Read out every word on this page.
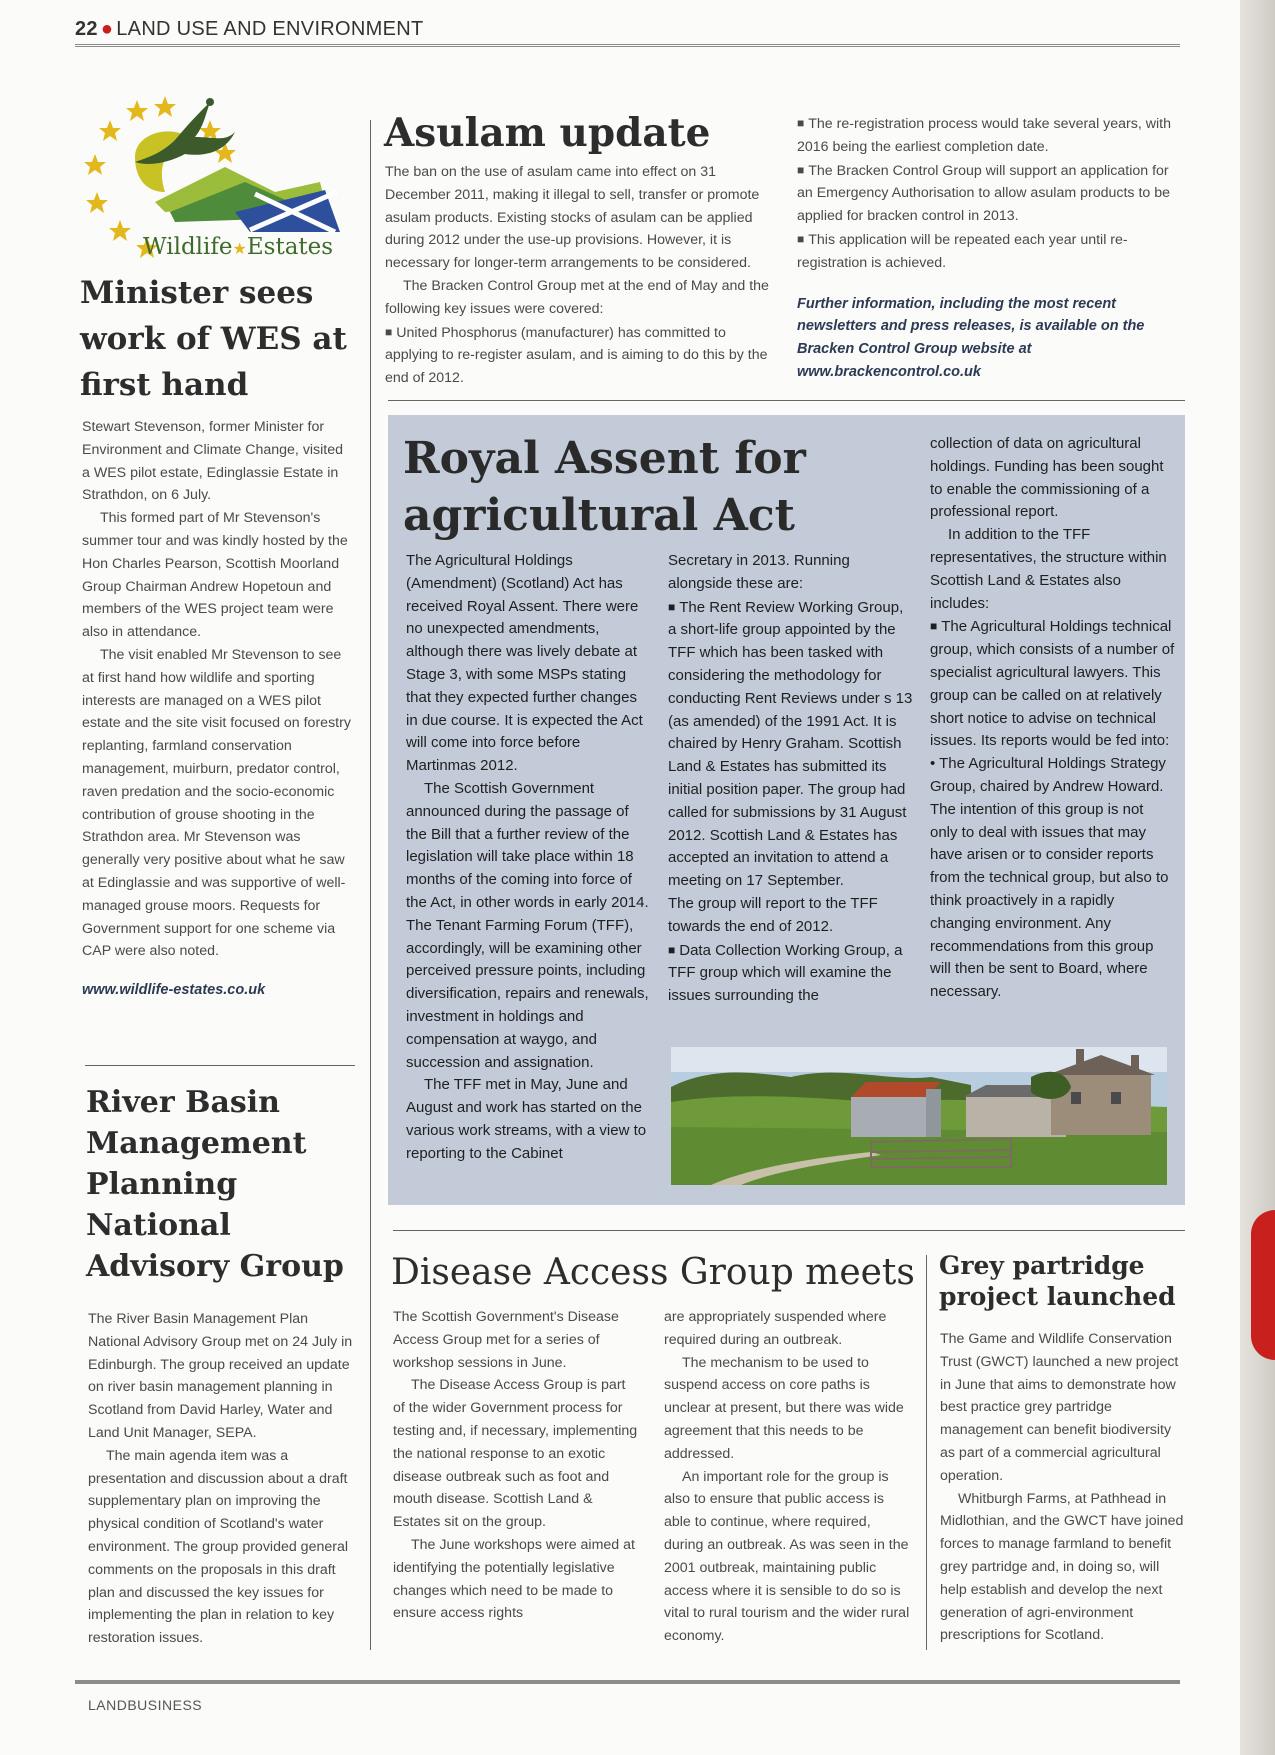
22 ● LAND USE AND ENVIRONMENT
Wildlife★Estates
Minister sees work of WES at first hand

Stewart Stevenson, former Minister for Environment and Climate Change, visited a WES pilot estate, Edinglassie Estate in Strathdon, on 6 July.

This formed part of Mr Stevenson's summer tour and was kindly hosted by the Hon Charles Pearson, Scottish Moorland Group Chairman Andrew Hopetoun and members of the WES project team were also in attendance.

The visit enabled Mr Stevenson to see at first hand how wildlife and sporting interests are managed on a WES pilot estate and the site visit focused on forestry replanting, farmland conservation management, muirburn, predator control, raven predation and the socio-economic contribution of grouse shooting in the Strathdon area. Mr Stevenson was generally very positive about what he saw at Edinglassie and was supportive of well-managed grouse moors. Requests for Government support for one scheme via CAP were also noted.

www.wildlife-estates.co.uk

River Basin Management Planning National Advisory Group

The River Basin Management Plan National Advisory Group met on 24 July in Edinburgh. The group received an update on river basin management planning in Scotland from David Harley, Water and Land Unit Manager, SEPA.

The main agenda item was a presentation and discussion about a draft supplementary plan on improving the physical condition of Scotland's water environment. The group provided general comments on the proposals in this draft plan and discussed the key issues for implementing the plan in relation to key restoration issues.

Asulam update

The ban on the use of asulam came into effect on 31 December 2011, making it illegal to sell, transfer or promote asulam products. Existing stocks of asulam can be applied during 2012 under the use-up provisions. However, it is necessary for longer-term arrangements to be considered.

The Bracken Control Group met at the end of May and the following key issues were covered:

■ United Phosphorus (manufacturer) has committed to applying to re-register asulam, and is aiming to do this by the end of 2012.

■ The re-registration process would take several years, with 2016 being the earliest completion date.

■ The Bracken Control Group will support an application for an Emergency Authorisation to allow asulam products to be applied for bracken control in 2013.

■ This application will be repeated each year until re-registration is achieved.

Further information, including the most recent newsletters and press releases, is available on the Bracken Control Group website at www.brackencontrol.co.uk

Royal Assent for agricultural Act

The Agricultural Holdings (Amendment) (Scotland) Act has received Royal Assent. There were no unexpected amendments, although there was lively debate at Stage 3, with some MSPs stating that they expected further changes in due course. It is expected the Act will come into force before Martinmas 2012.

The Scottish Government announced during the passage of the Bill that a further review of the legislation will take place within 18 months of the coming into force of the Act, in other words in early 2014. The Tenant Farming Forum (TFF), accordingly, will be examining other perceived pressure points, including diversification, repairs and renewals, investment in holdings and compensation at waygo, and succession and assignation.

The TFF met in May, June and August and work has started on the various work streams, with a view to reporting to the Cabinet

Secretary in 2013. Running alongside these are:

■ The Rent Review Working Group, a short-life group appointed by the TFF which has been tasked with considering the methodology for conducting Rent Reviews under s 13 (as amended) of the 1991 Act. It is chaired by Henry Graham. Scottish Land & Estates has submitted its initial position paper. The group had called for submissions by 31 August 2012. Scottish Land & Estates has accepted an invitation to attend a meeting on 17 September.

The group will report to the TFF towards the end of 2012.

■ Data Collection Working Group, a TFF group which will examine the issues surrounding the

collection of data on agricultural holdings. Funding has been sought to enable the commissioning of a professional report.

In addition to the TFF representatives, the structure within Scottish Land & Estates also includes:

■ The Agricultural Holdings technical group, which consists of a number of specialist agricultural lawyers. This group can be called on at relatively short notice to advise on technical issues. Its reports would be fed into:

• The Agricultural Holdings Strategy Group, chaired by Andrew Howard. The intention of this group is not only to deal with issues that may have arisen or to consider reports from the technical group, but also to think proactively in a rapidly changing environment. Any recommendations from this group will then be sent to Board, where necessary.

Disease Access Group meets

The Scottish Government's Disease Access Group met for a series of workshop sessions in June.

The Disease Access Group is part of the wider Government process for testing and, if necessary, implementing the national response to an exotic disease outbreak such as foot and mouth disease. Scottish Land & Estates sit on the group.

The June workshops were aimed at identifying the potentially legislative changes which need to be made to ensure access rights

are appropriately suspended where required during an outbreak.

The mechanism to be used to suspend access on core paths is unclear at present, but there was wide agreement that this needs to be addressed.

An important role for the group is also to ensure that public access is able to continue, where required, during an outbreak. As was seen in the 2001 outbreak, maintaining public access where it is sensible to do so is vital to rural tourism and the wider rural economy.

Grey partridge project launched

The Game and Wildlife Conservation Trust (GWCT) launched a new project in June that aims to demonstrate how best practice grey partridge management can benefit biodiversity as part of a commercial agricultural operation.

Whitburgh Farms, at Pathhead in Midlothian, and the GWCT have joined forces to manage farmland to benefit grey partridge and, in doing so, will help establish and develop the next generation of agri-environment prescriptions for Scotland.

LANDBUSINESS
